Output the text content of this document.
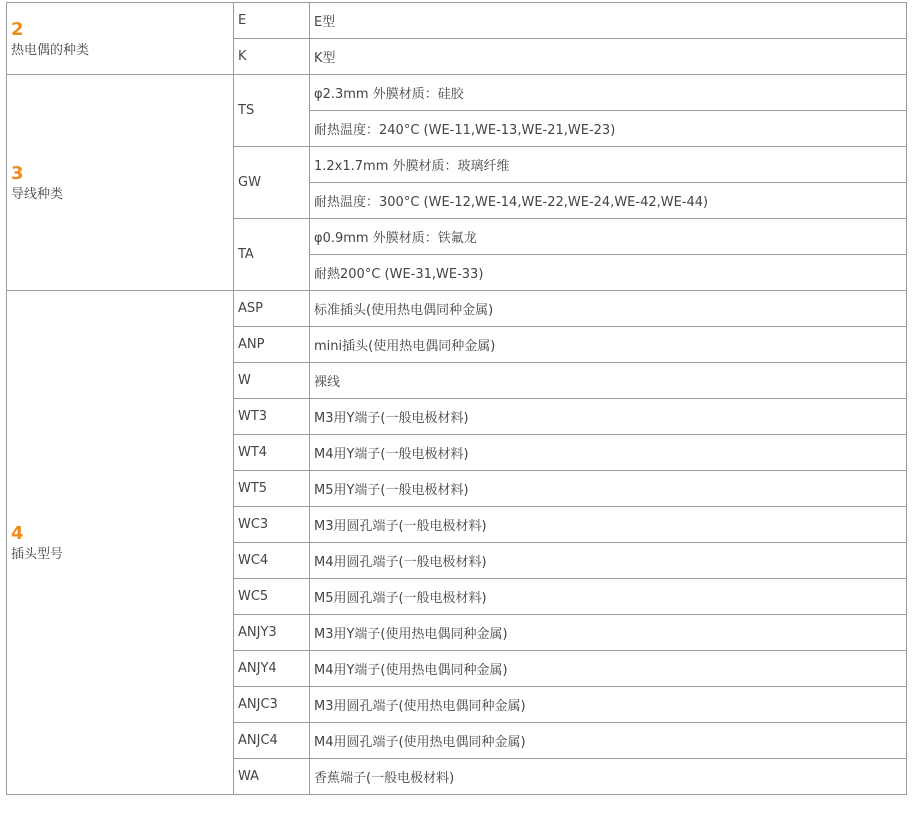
2
热电偶的种类	E	E型
	K	K型

3
导线种类	TS	φ2.3mm 外膜材质：硅胶
		耐热温度：240°C (WE-11,WE-13,WE-21,WE-23)
	GW	1.2x1.7mm 外膜材质：玻璃纤维
		耐热温度：300°C (WE-12,WE-14,WE-22,WE-24,WE-42,WE-44)
	TA	φ0.9mm 外膜材质：铁氟龙
		耐熱200°C (WE-31,WE-33)

4
插头型号	ASP	标准插头(使用热电偶同种金属)
	ANP	mini插头(使用热电偶同种金属)
	W	裸线
	WT3	M3用Y端子(一般电极材料)
	WT4	M4用Y端子(一般电极材料)
	WT5	M5用Y端子(一般电极材料)
	WC3	M3用圆孔端子(一般电极材料)
	WC4	M4用圆孔端子(一般电极材料)
	WC5	M5用圆孔端子(一般电极材料)
	ANJY3	M3用Y端子(使用热电偶同种金属)
	ANJY4	M4用Y端子(使用热电偶同种金属)
	ANJC3	M3用圆孔端子(使用热电偶同种金属)
	ANJC4	M4用圆孔端子(使用热电偶同种金属)
	WA	香蕉端子(一般电极材料)
